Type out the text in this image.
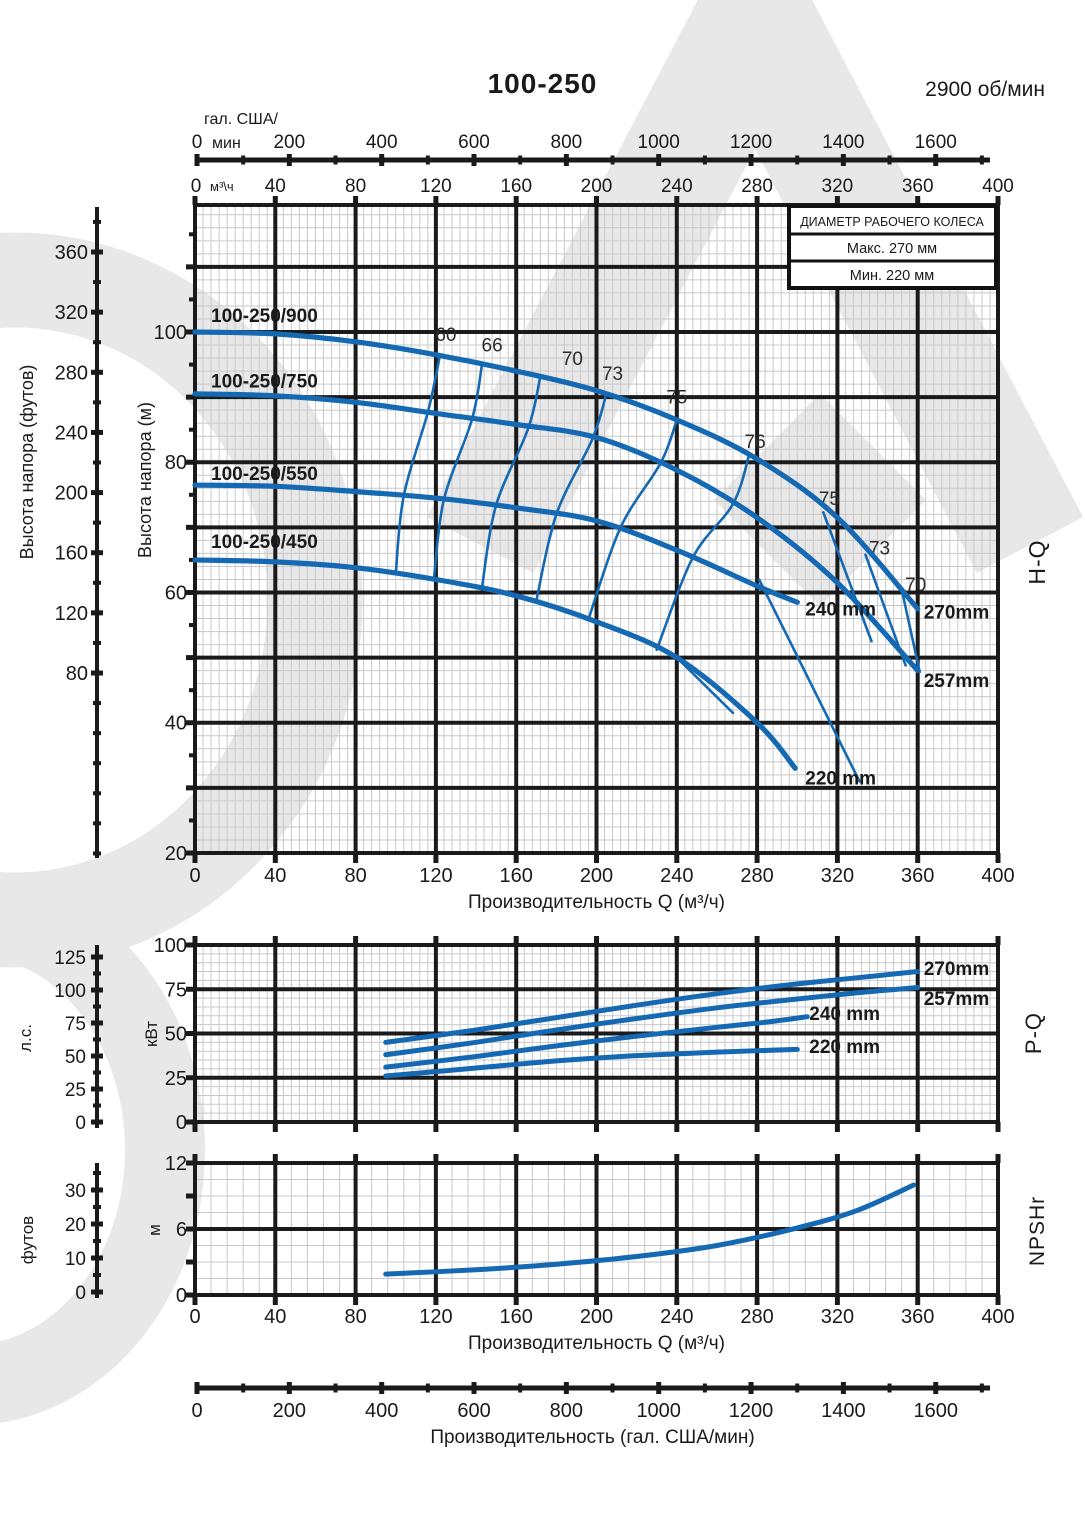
100-250	2900 об/мин
60 66
70
73
75
76
75
73
70
100-250/900
270mm
100-250/750
257mm
100-250/550
240 mm
100-250/450
220 mm
0	40	80	120 160 200 240 280 320 360 400
Производительность Q (м³/ч)
20
40
60
80
100
Высота напора (м)
H-Q
40	80	120	160	200	240	280	320	360	400
0 м³\ч
ДИАМЕТР РАБОЧЕГО КОЛЕСА
Макс. 270 мм
Мин. 220 мм
360
320
280
240
200
160
120
80
Высота напора (футов)
0	200	400	600	800	1000	1200	1400	1600
гал. США/
мин
270mm
257mm
240 mm
220 mm
0
25
50
75
100
кВт	P-Q
125
100
75
50
25
0
л.с.
0	40	80	120 160 200 240 280 320 360 400
Производительность Q (м³/ч)
0
6
12
м	NPSHr
30
20
10
0
футов
0	200	400	600	800	1000 1200 1400 1600
Производительность (гал. США/мин)
